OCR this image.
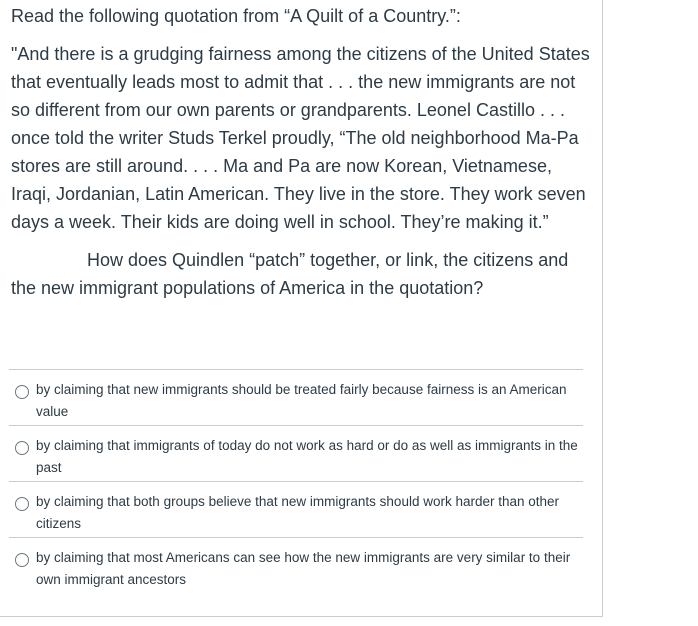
Read the following quotation from “A Quilt of a Country.”:

"And there is a grudging fairness among the citizens of the United States that eventually leads most to admit that . . . the new immigrants are not so different from our own parents or grandparents. Leonel Castillo . . . once told the writer Studs Terkel proudly, “The old neighborhood Ma-Pa stores are still around. . . . Ma and Pa are now Korean, Vietnamese, Iraqi, Jordanian, Latin American. They live in the store. They work seven days a week. Their kids are doing well in school. They’re making it.”

How does Quindlen “patch” together, or link, the citizens and the new immigrant populations of America in the quotation?

by claiming that new immigrants should be treated fairly because fairness is an American value
by claiming that immigrants of today do not work as hard or do as well as immigrants in the past
by claiming that both groups believe that new immigrants should work harder than other citizens
by claiming that most Americans can see how the new immigrants are very similar to their own immigrant ancestors
